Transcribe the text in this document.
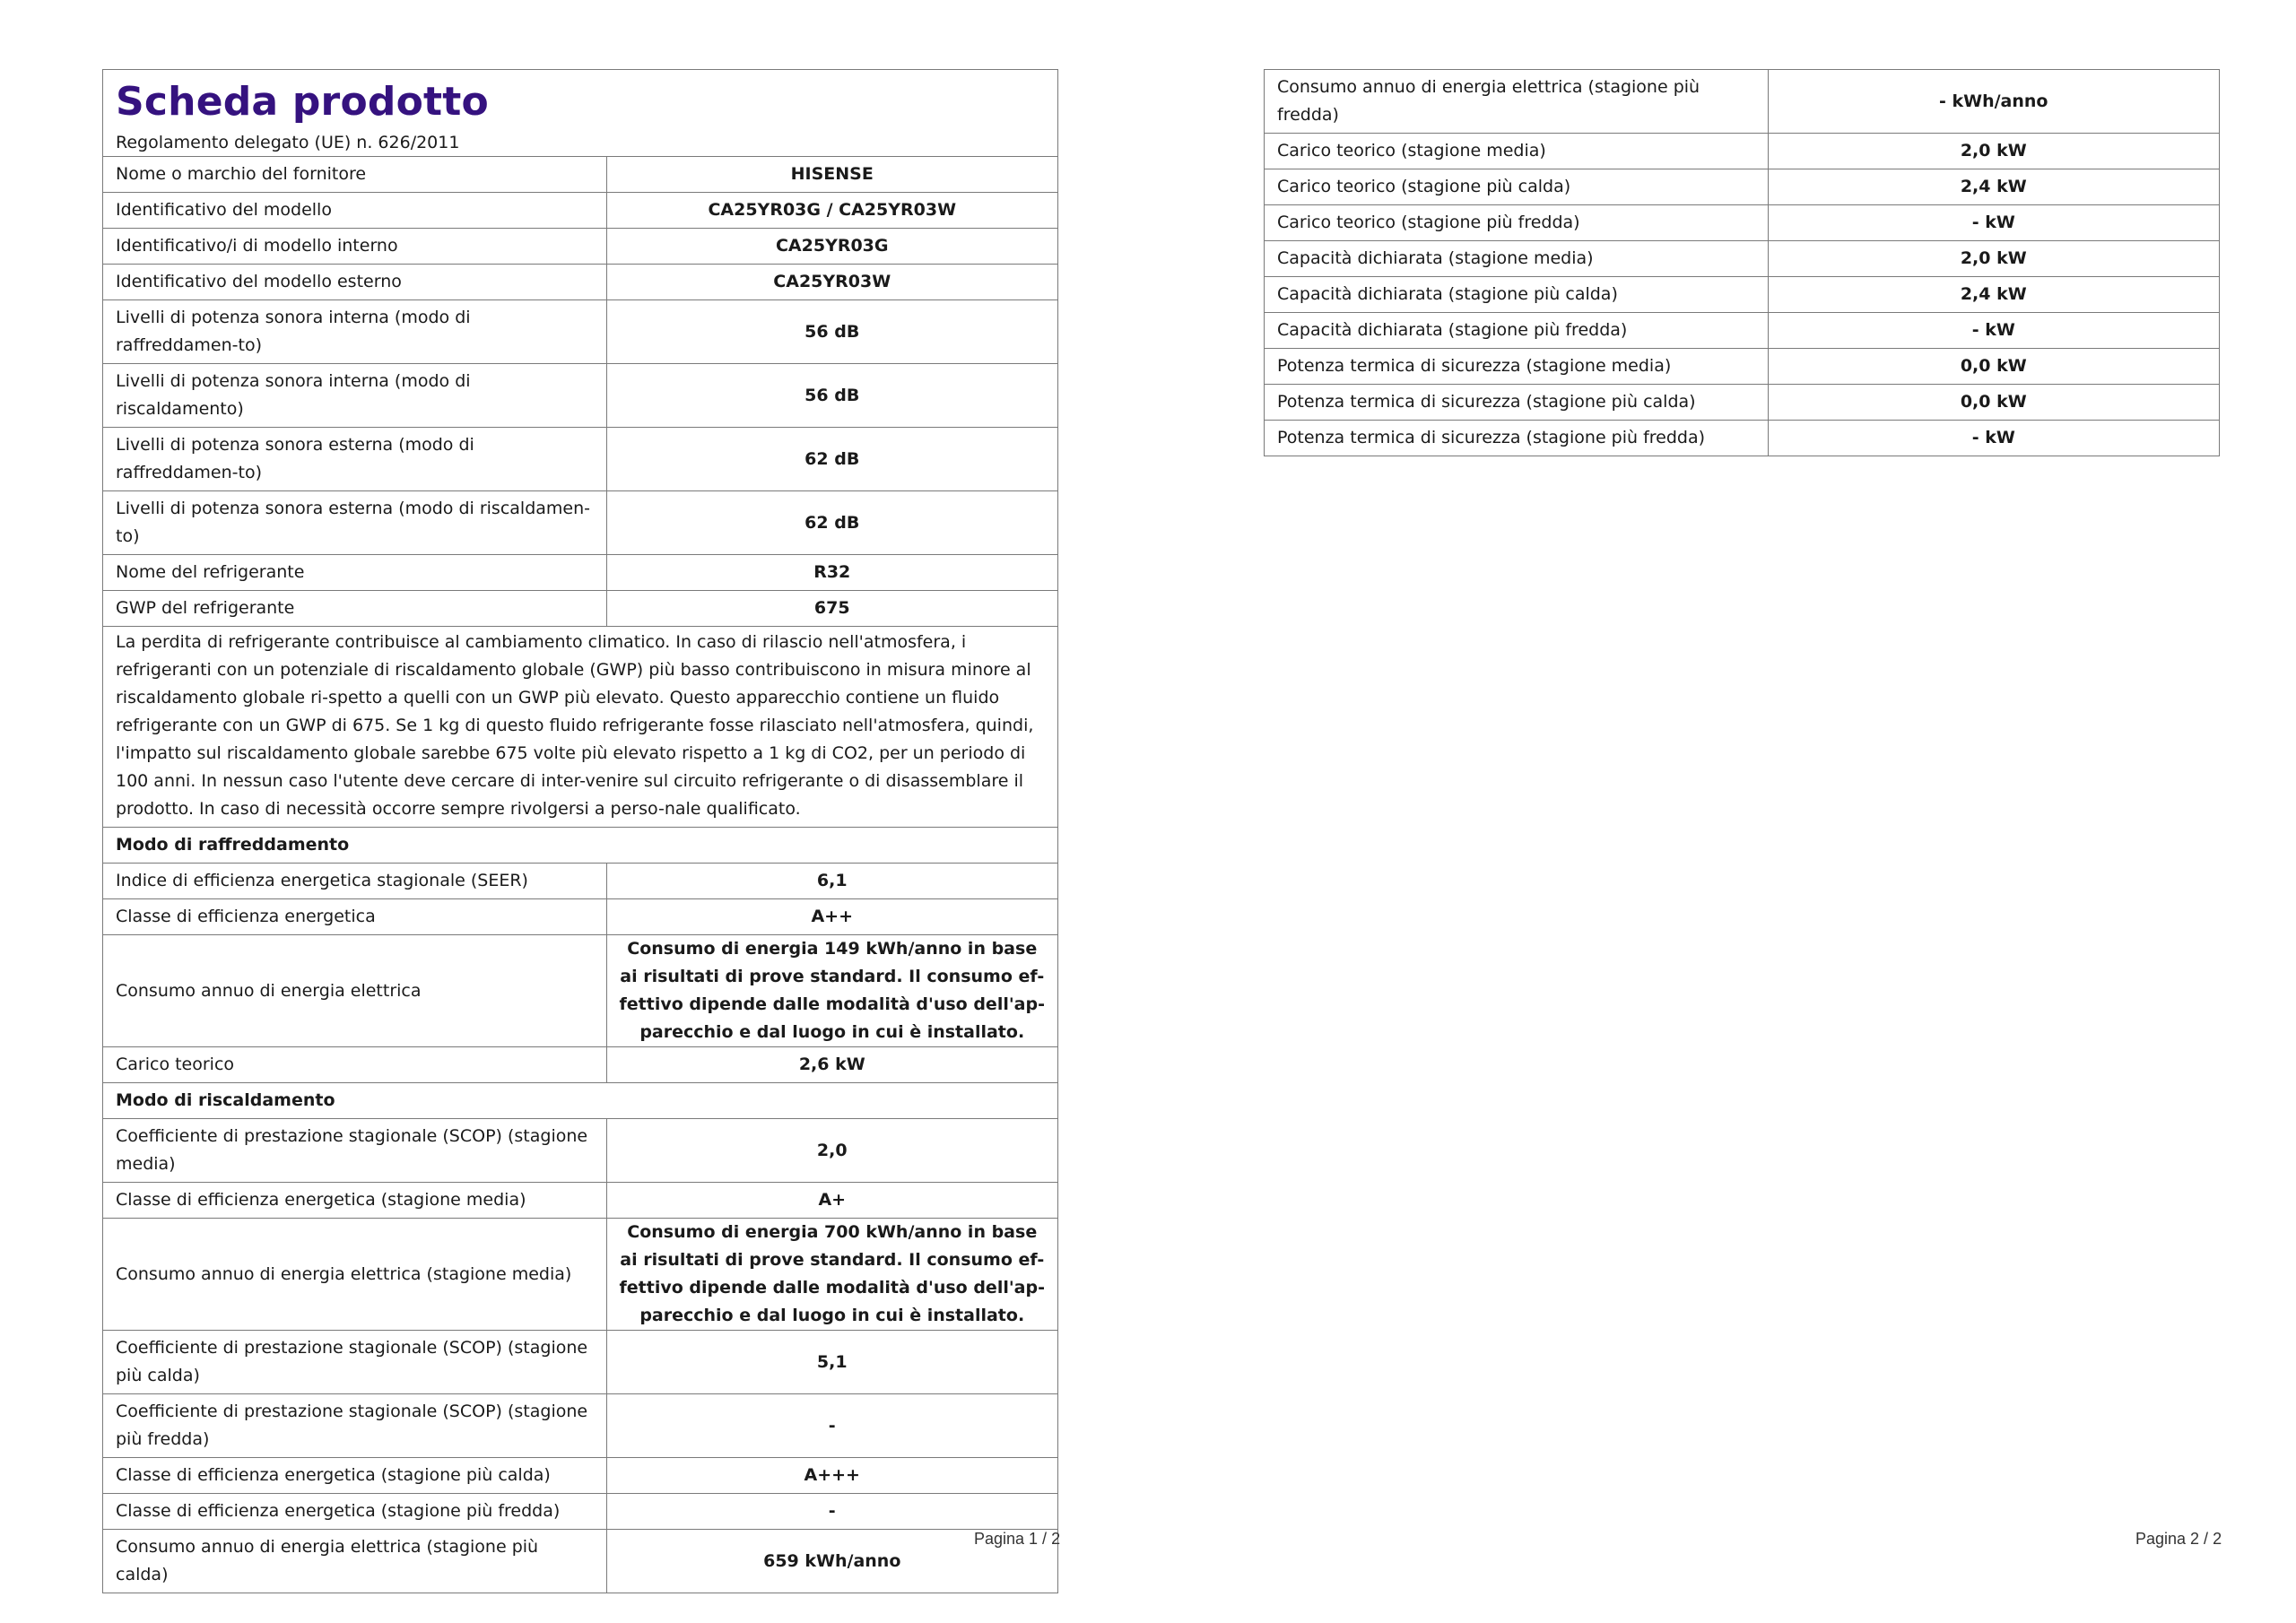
Scheda prodotto
Regolamento delegato (UE) n. 626/2011
Nome o marchio del fornitore	HISENSE
Identificativo del modello	CA25YR03G / CA25YR03W
Identificativo/i di modello interno	CA25YR03G
Identificativo del modello esterno	CA25YR03W
Livelli di potenza sonora interna (modo di raffreddamen-to)	56 dB
Livelli di potenza sonora interna (modo di riscaldamento)	56 dB
Livelli di potenza sonora esterna (modo di raffreddamen-to)	62 dB
Livelli di potenza sonora esterna (modo di riscaldamen-to)	62 dB
Nome del refrigerante	R32
GWP del refrigerante	675
La perdita di refrigerante contribuisce al cambiamento climatico. In caso di rilascio nell'atmosfera, i refrigeranti con un potenziale di riscaldamento globale (GWP) più basso contribuiscono in misura minore al riscaldamento globale ri-spetto a quelli con un GWP più elevato. Questo apparecchio contiene un fluido refrigerante con un GWP di 675. Se 1 kg di questo fluido refrigerante fosse rilasciato nell'atmosfera, quindi, l'impatto sul riscaldamento globale sarebbe 675 volte più elevato rispetto a 1 kg di CO2, per un periodo di 100 anni. In nessun caso l'utente deve cercare di inter-venire sul circuito refrigerante o di disassemblare il prodotto. In caso di necessità occorre sempre rivolgersi a perso-nale qualificato.	
Modo di raffreddamento	
Indice di efficienza energetica stagionale (SEER)	6,1
Classe di efficienza energetica	A++
Consumo annuo di energia elettrica	Consumo di energia 149 kWh/anno in base ai risultati di prove standard. Il consumo ef-fettivo dipende dalle modalità d'uso dell'ap-parecchio e dal luogo in cui è installato.
Carico teorico	2,6 kW
Modo di riscaldamento	
Coefficiente di prestazione stagionale (SCOP) (stagione media)	2,0
Classe di efficienza energetica (stagione media)	A+
Consumo annuo di energia elettrica (stagione media)	Consumo di energia 700 kWh/anno in base ai risultati di prove standard. Il consumo ef-fettivo dipende dalle modalità d'uso dell'ap-parecchio e dal luogo in cui è installato.
Coefficiente di prestazione stagionale (SCOP) (stagione più calda)	5,1
Coefficiente di prestazione stagionale (SCOP) (stagione più fredda)	-
Classe di efficienza energetica (stagione più calda)	A+++
Classe di efficienza energetica (stagione più fredda)	-
Consumo annuo di energia elettrica (stagione più calda)	659 kWh/anno
Pagina 1 / 2
Consumo annuo di energia elettrica (stagione più fredda)	- kWh/anno
Carico teorico (stagione media)	2,0 kW
Carico teorico (stagione più calda)	2,4 kW
Carico teorico (stagione più fredda)	- kW
Capacità dichiarata (stagione media)	2,0 kW
Capacità dichiarata (stagione più calda)	2,4 kW
Capacità dichiarata (stagione più fredda)	- kW
Potenza termica di sicurezza (stagione media)	0,0 kW
Potenza termica di sicurezza (stagione più calda)	0,0 kW
Potenza termica di sicurezza (stagione più fredda)	- kW
Pagina 2 / 2
